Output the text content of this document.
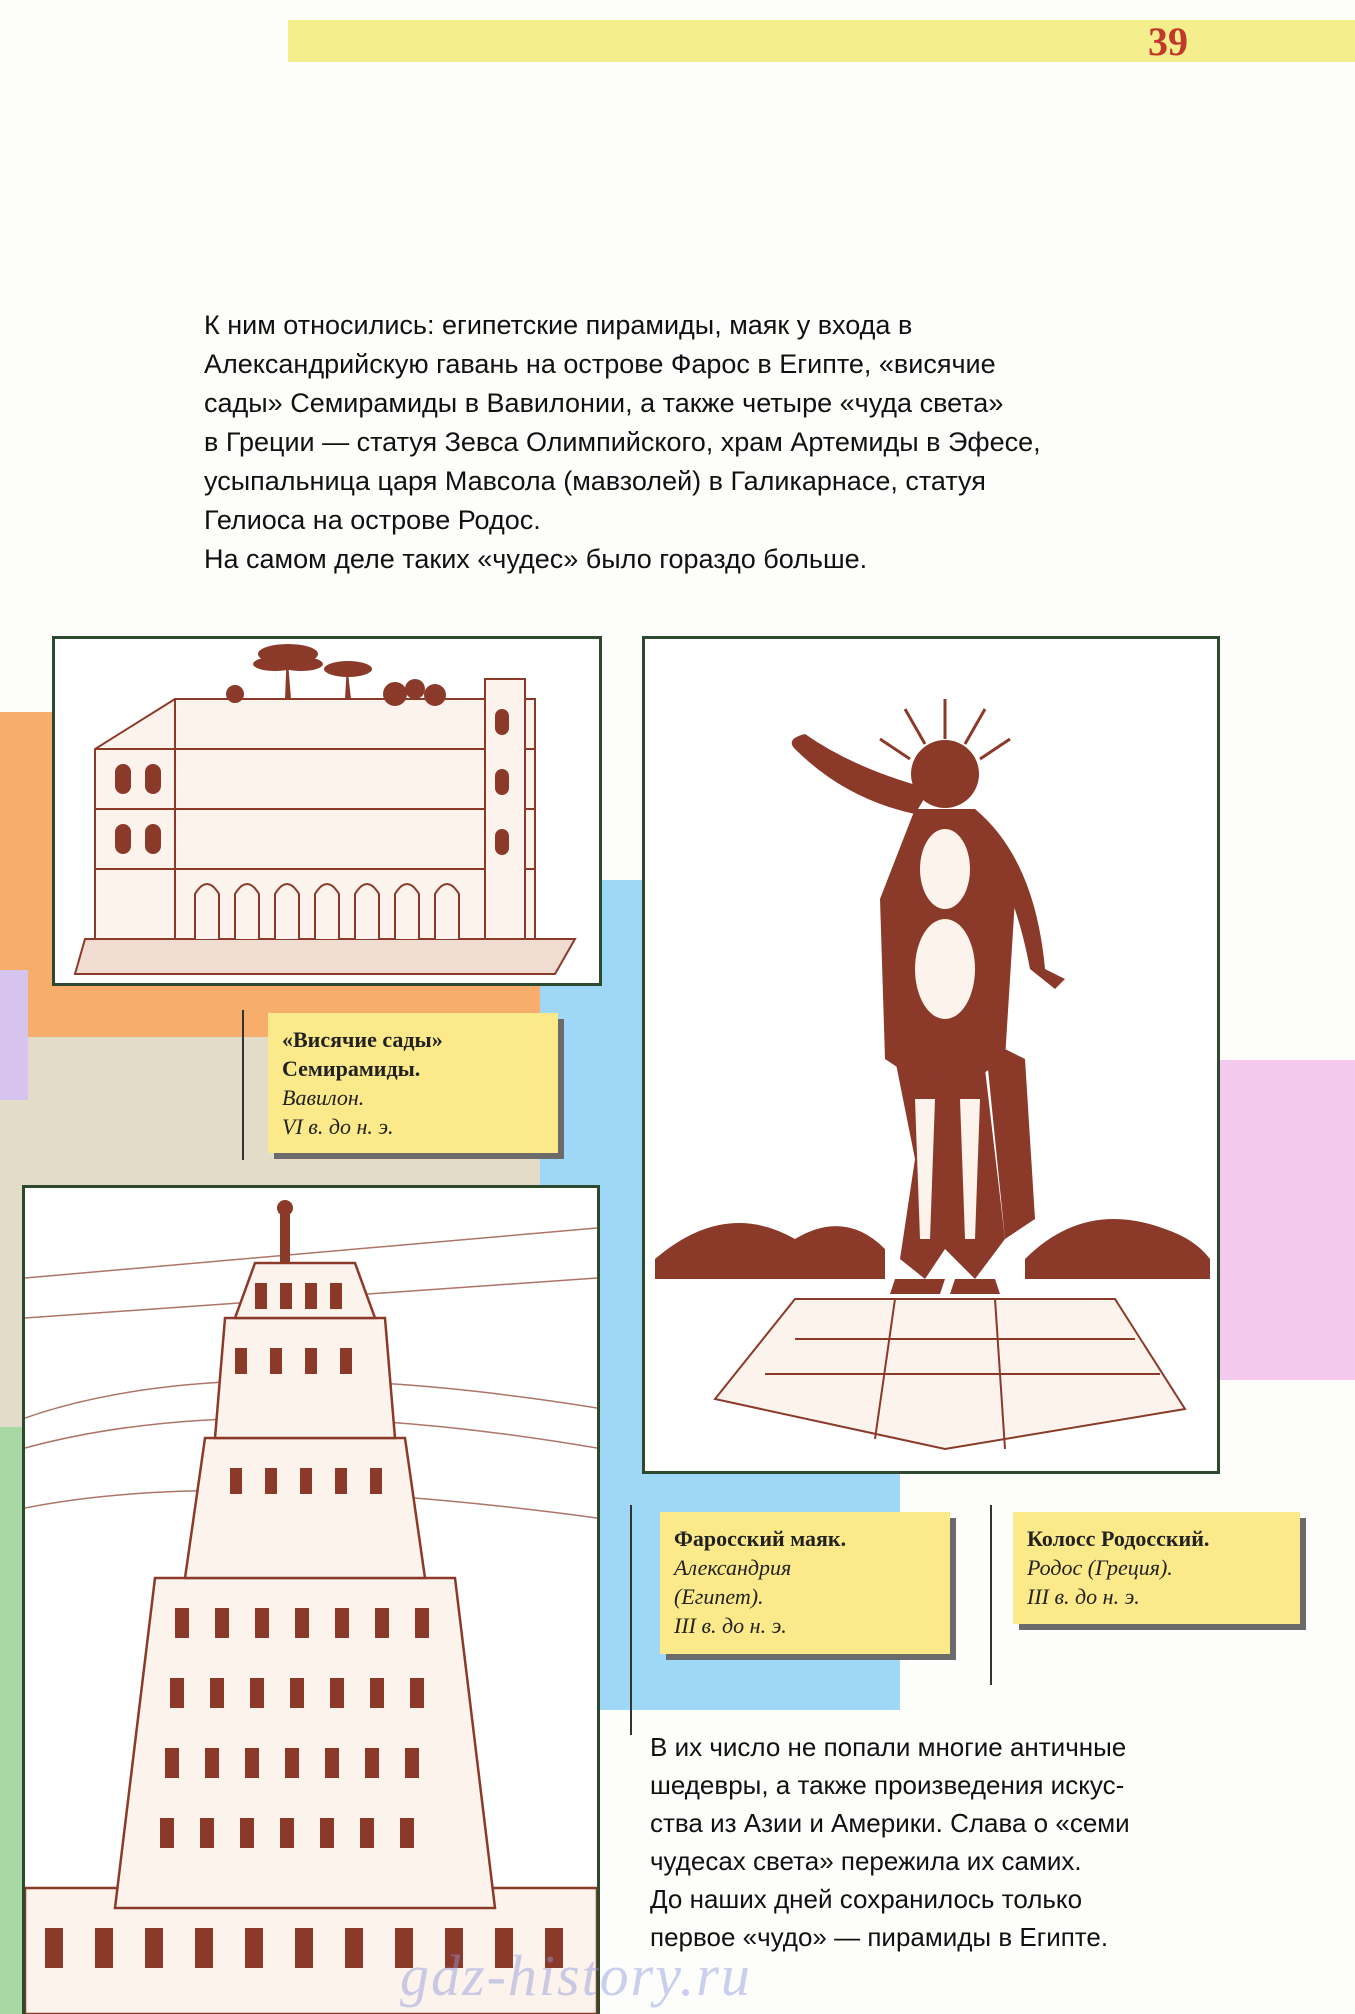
39

К ним относились: египетские пирамиды, маяк у входа в

Александрийскую гавань на острове Фарос в Египте, «висячие

сады» Семирамиды в Вавилонии, а также четыре «чуда света»

в Греции — статуя Зевса Олимпийского, храм Артемиды в Эфесе,

усыпальница царя Мавсола (мавзолей) в Галикарнасе, статуя

Гелиоса на острове Родос.

На самом деле таких «чудес» было гораздо больше.

«Висячие сады»
Семирамиды.
Вавилон.
VI в. до н. э.
Фаросский маяк.
Александрия
(Египет).
III в. до н. э.
Колосс Родосский.
Родос (Греция).
III в. до н. э.
В их число не попали многие античные
шедевры, а также произведения искус-
ства из Азии и Америки. Слава о «семи
чудесах света» пережила их самих.
До наших дней сохранилось только
первое «чудо» — пирамиды в Египте.
gdz-history.ru
